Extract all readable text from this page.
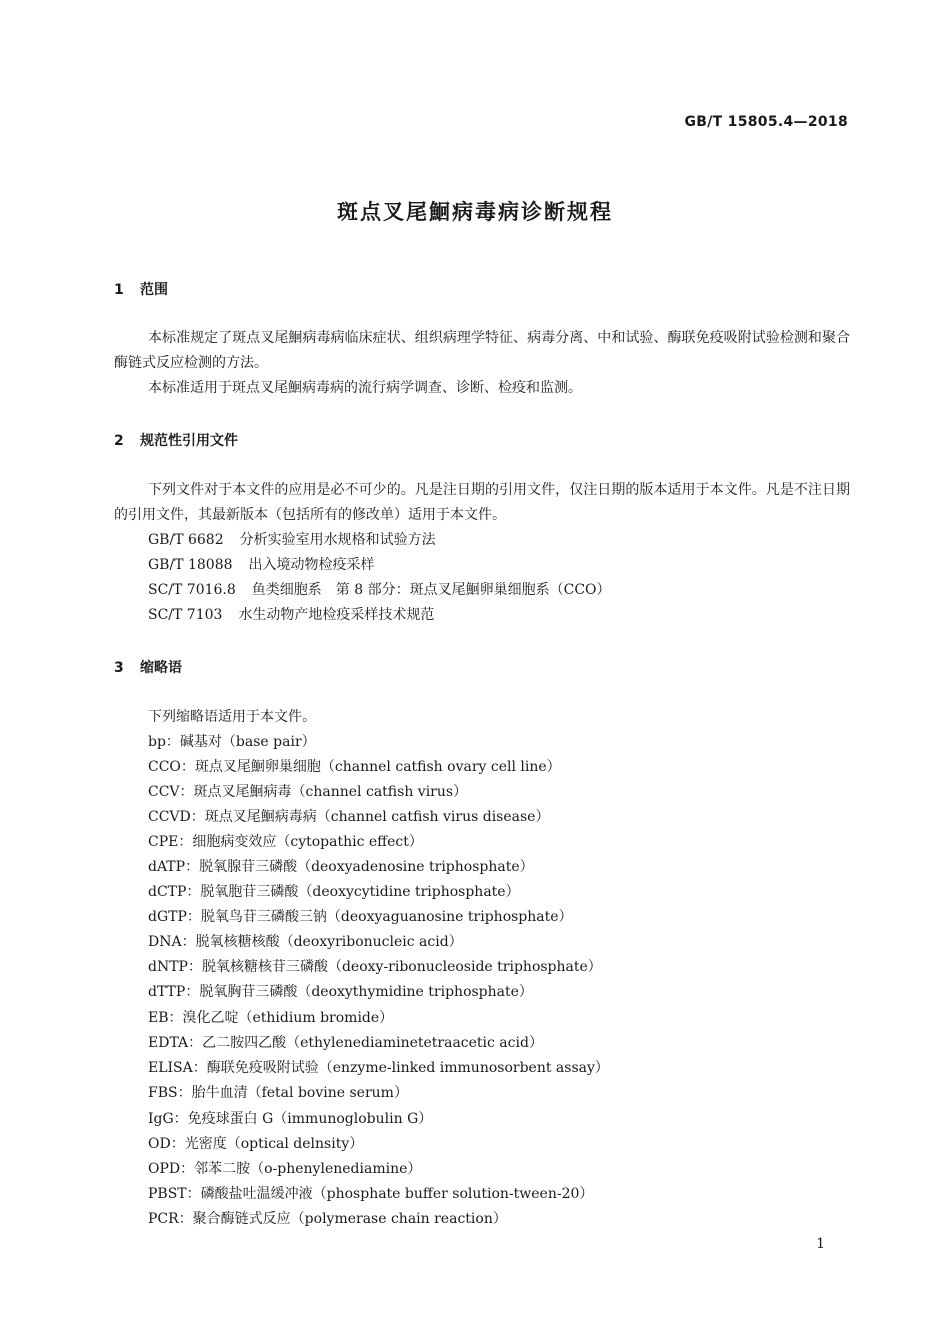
GB/T 15805.4—2018
斑点叉尾鮰病毒病诊断规程
1 范围
本标准规定了斑点叉尾鮰病毒病临床症状、组织病理学特征、病毒分离、中和试验、酶联免疫吸附试验检测和聚合酶链式反应检测的方法。
本标准适用于斑点叉尾鮰病毒病的流行病学调查、诊断、检疫和监测。
2 规范性引用文件
下列文件对于本文件的应用是必不可少的。凡是注日期的引用文件，仅注日期的版本适用于本文件。凡是不注日期的引用文件，其最新版本（包括所有的修改单）适用于本文件。
GB/T 6682 分析实验室用水规格和试验方法
GB/T 18088 出入境动物检疫采样
SC/T 7016.8 鱼类细胞系　第 8 部分：斑点叉尾鮰卵巢细胞系（CCO）
SC/T 7103 水生动物产地检疫采样技术规范
3 缩略语
下列缩略语适用于本文件。
bp：碱基对（base pair）
CCO：斑点叉尾鮰卵巢细胞（channel catfish ovary cell line）
CCV：斑点叉尾鮰病毒（channel catfish virus）
CCVD：斑点叉尾鮰病毒病（channel catfish virus disease）
CPE：细胞病变效应（cytopathic effect）
dATP：脱氧腺苷三磷酸（deoxyadenosine triphosphate）
dCTP：脱氧胞苷三磷酸（deoxycytidine triphosphate）
dGTP：脱氧鸟苷三磷酸三钠（deoxyaguanosine triphosphate）
DNA：脱氧核糖核酸（deoxyribonucleic acid）
dNTP：脱氧核糖核苷三磷酸（deoxy-ribonucleoside triphosphate）
dTTP：脱氧胸苷三磷酸（deoxythymidine triphosphate）
EB：溴化乙啶（ethidium bromide）
EDTA：乙二胺四乙酸（ethylenediaminetetraacetic acid）
ELISA：酶联免疫吸附试验（enzyme-linked immunosorbent assay）
FBS：胎牛血清（fetal bovine serum）
IgG：免疫球蛋白 G（immunoglobulin G）
OD：光密度（optical delnsity）
OPD：邻苯二胺（o-phenylenediamine）
PBST：磷酸盐吐温缓冲液（phosphate buffer solution-tween-20）
PCR：聚合酶链式反应（polymerase chain reaction）
1
